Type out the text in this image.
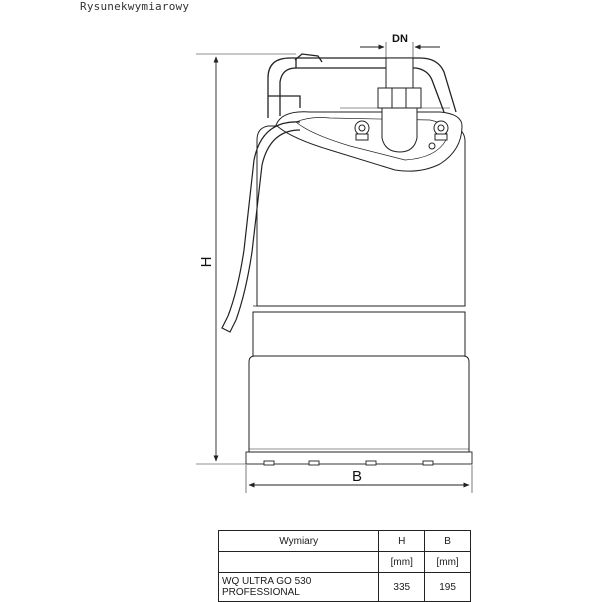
Rysunekwymiarowy
H
B
DN
Wymiary	H	B
	[mm]	[mm]

WQ ULTRA GO 530
PROFESSIONAL	335	195
